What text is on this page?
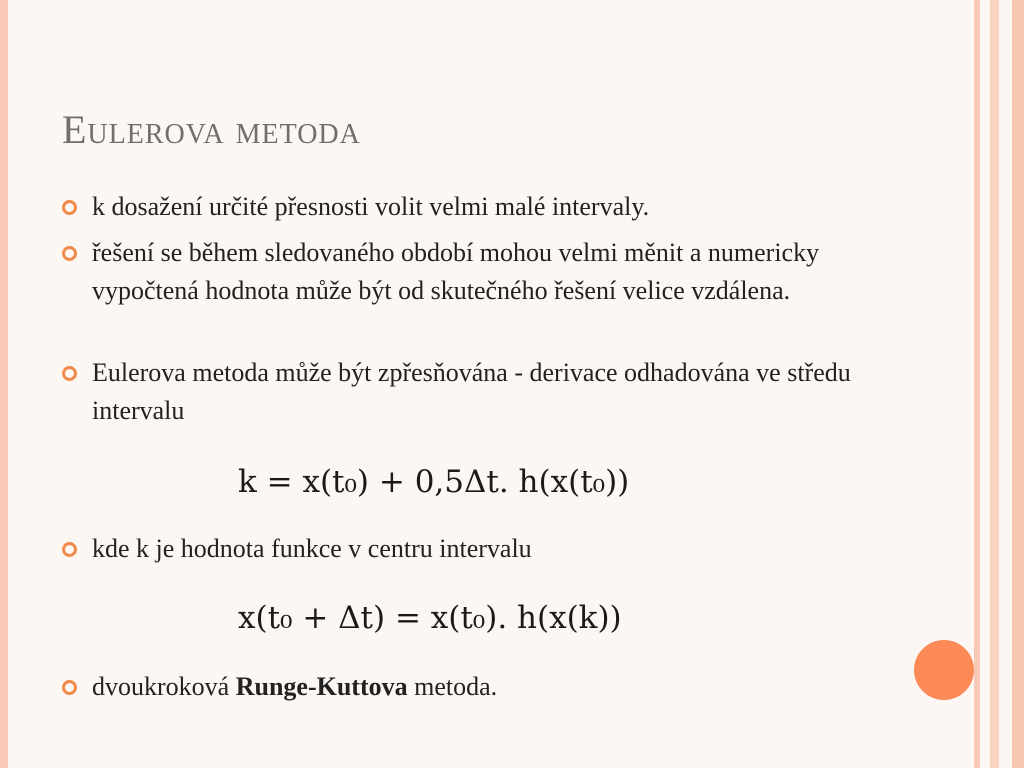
Eulerova metoda
k dosažení určité přesnosti volit velmi malé intervaly.
řešení se během sledovaného období mohou velmi měnit a numericky vypočtená hodnota může být od skutečného řešení velice vzdálena.
Eulerova metoda může být zpřesňována - derivace odhadována ve středu intervalu
k = x(t₀) + 0,5Δt. h(x(t₀))
kde k je hodnota funkce v centru intervalu
x(t₀ + Δt) = x(t₀). h(x(k))
dvoukroková Runge-Kuttova metoda.
